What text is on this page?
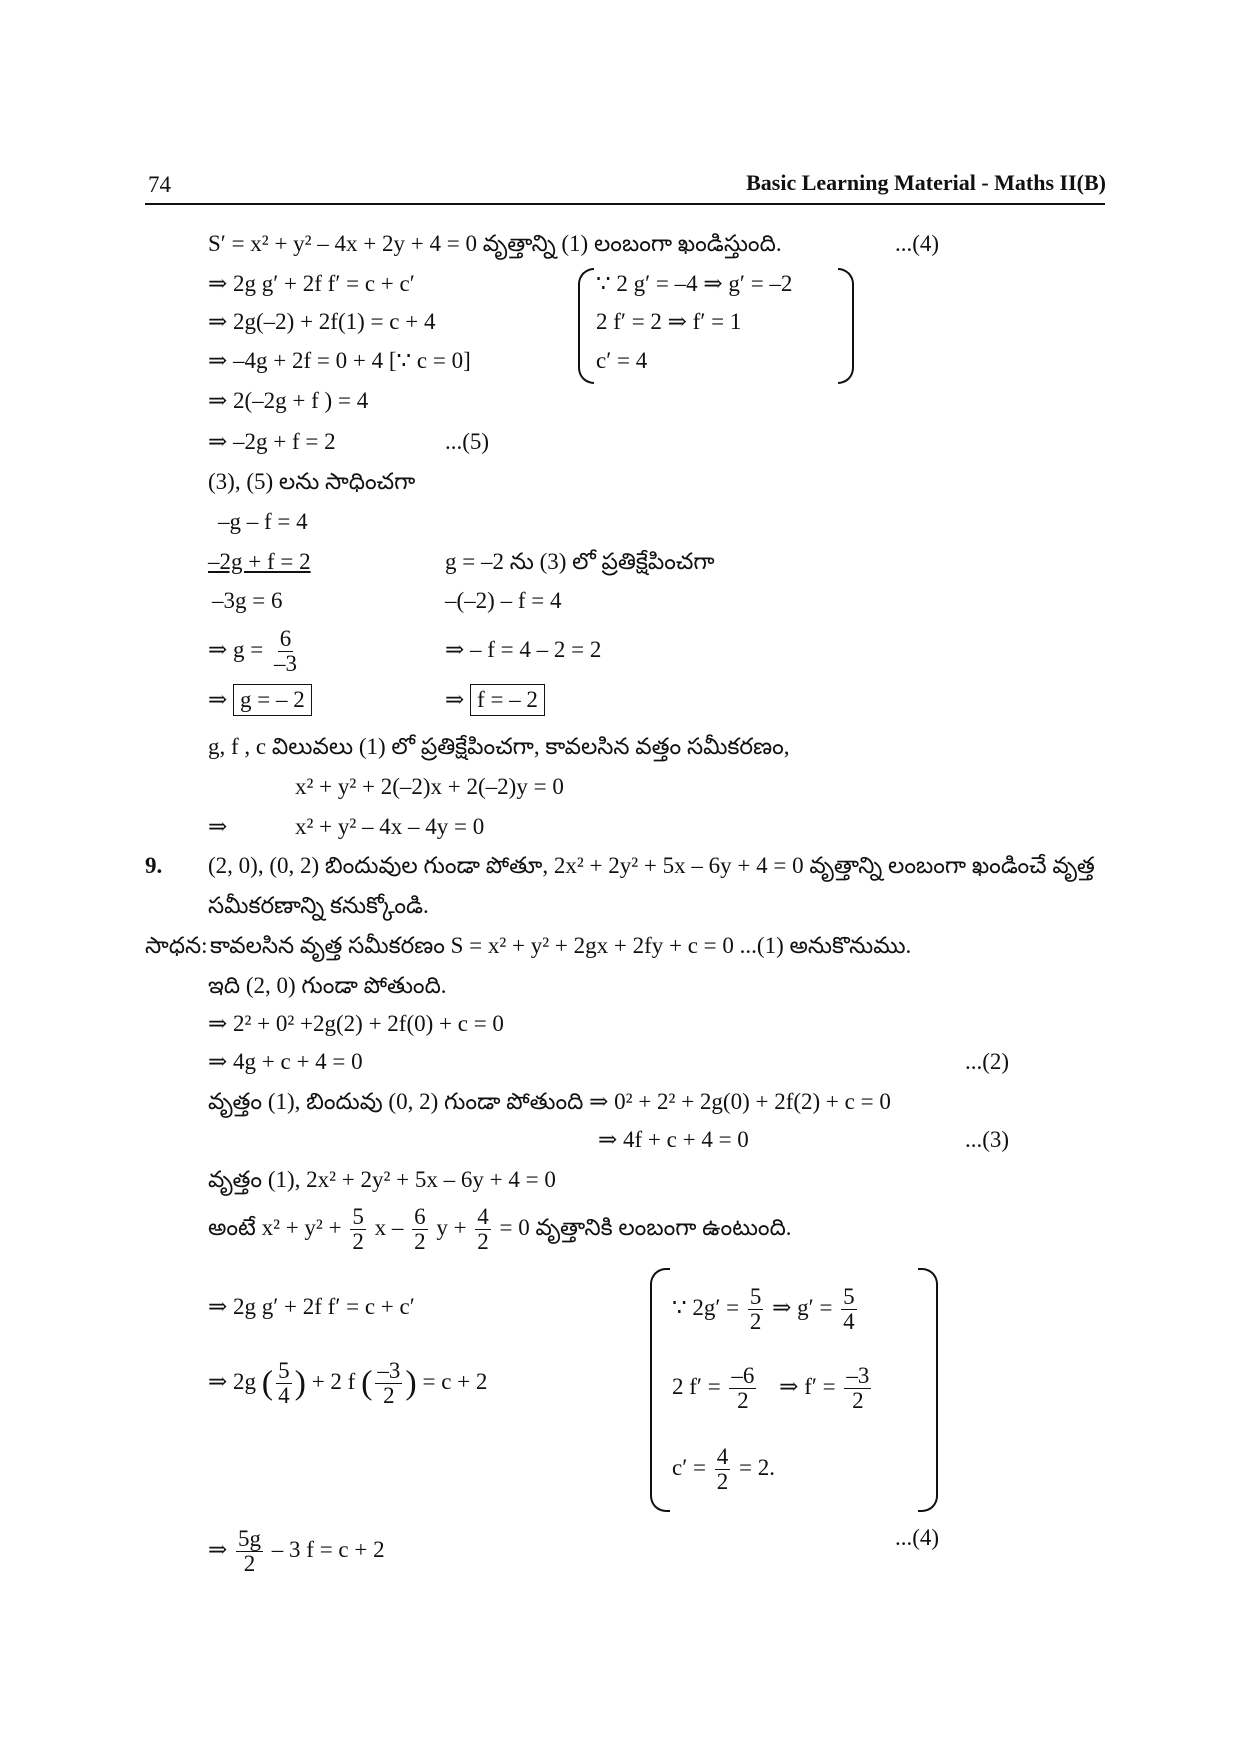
74	Basic Learning Material - Maths II(B)
S′ = x² + y² – 4x + 2y + 4 = 0 వృత్తాన్ని (1) లంబంగా ఖండిస్తుంది.	...(4)
⇒ 2g g′ + 2f f′ = c + c′
⇒ 2g(–2) + 2f(1) = c + 4
⇒ –4g + 2f = 0 + 4 [∵ c = 0]
∵ 2 g′ = –4 ⇒ g′ = –2
2 f′ = 2 ⇒ f′ = 1
c′ = 4
⇒ 2(–2g + f ) = 4
⇒ –2g + f = 2	...(5)
(3), (5) లను సాధించగా
–g – f = 4
–2g + f = 2	g = –2 ను (3) లో ప్రతిక్షేపించగా
–3g = 6	–(–2) – f = 4
⇒ $g = \frac{6}{-3}$	⇒ – f = 4 – 2 = 2
⇒ g = – 2	⇒ f = – 2
g, f , c విలువలు (1) లో ప్రతిక్షేపించగా, కావలసిన వత్తం సమీకరణం,
x² + y² + 2(–2)x + 2(–2)y = 0
⇒	x² + y² – 4x – 4y = 0
9. (2, 0), (0, 2) బిందువుల గుండా పోతూ, 2x² + 2y² + 5x – 6y + 4 = 0 వృత్తాన్ని లంబంగా ఖండించే వృత్త
సమీకరణాన్ని కనుక్కోండి.
సాధన: కావలసిన వృత్త సమీకరణం S = x² + y² + 2gx + 2fy + c = 0 ...(1) అనుకొనుము.
ఇది (2, 0) గుండా పోతుంది.
⇒ 2² + 0² +2g(2) + 2f(0) + c = 0
⇒ 4g + c + 4 = 0	...(2)
వృత్తం (1), బిందువు (0, 2) గుండా పోతుంది ⇒ 0² + 2² + 2g(0) + 2f(2) + c = 0
⇒ 4f + c + 4 = 0	...(3)
వృత్తం (1), 2x² + 2y² + 5x – 6y + 4 = 0
అంటే $x^2 + y^2 + \frac{5}{2}$ x – $\frac{6}{2}$ $y + \frac{4}{2} = 0$ వృత్తానికి లంబంగా ఉంటుంది.
⇒ 2g g′ + 2f f′ = c + c′
⇒ 2g ( $\frac{5}{4}$ ) + 2 f ( $\frac{-3}{2}$ ) = c + 2
∵ $2g' = \frac{5}{2}$ ⇒ $g' = \frac{5}{4}$
2 $f' = \frac{-6}{2}$ ⇒ $f' = \frac{-3}{2}$
$c' = \frac{4}{2} = 2$.
⇒ $\frac{5g}{2} - 3$ f = c + 2	...(4)
